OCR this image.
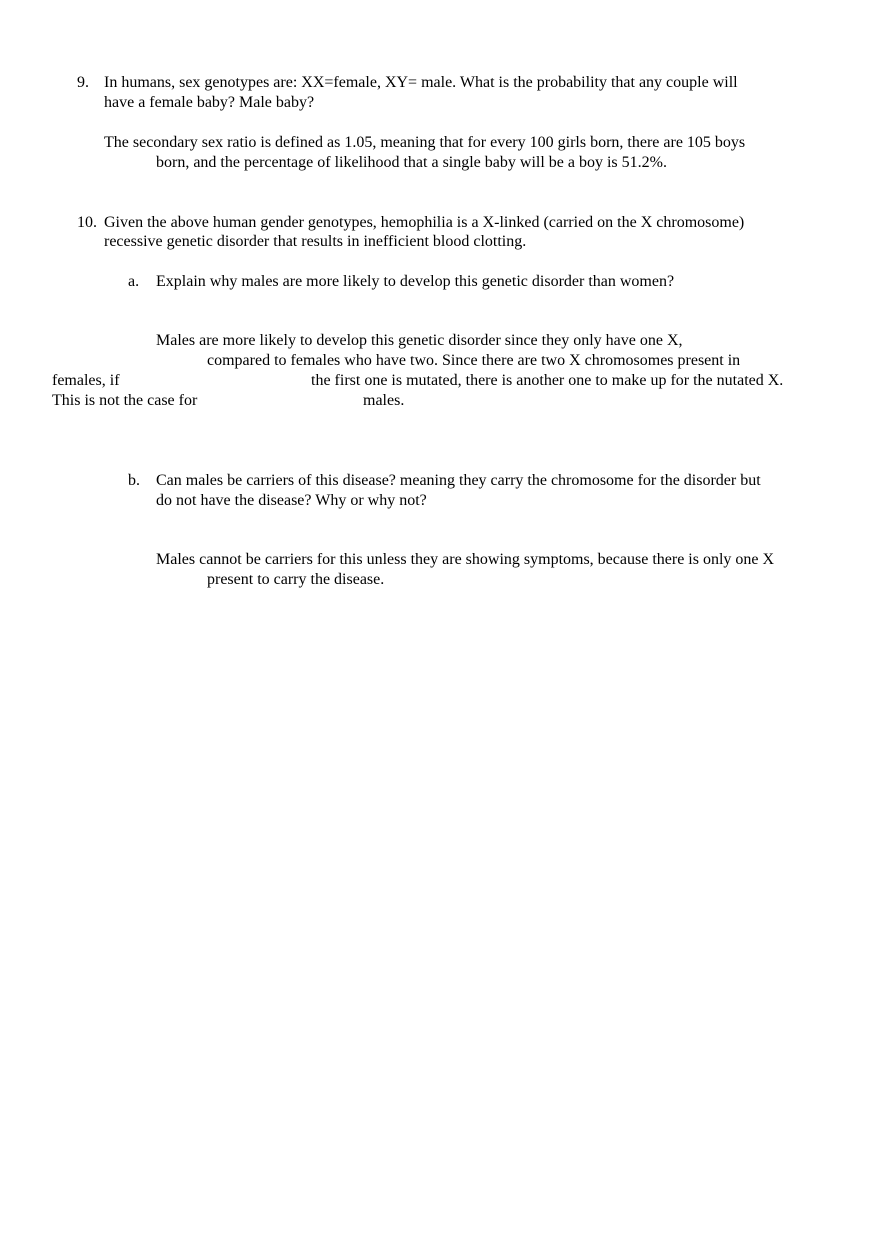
9. In humans, sex genotypes are: XX=female, XY= male. What is the probability that any couple will
have a female baby? Male baby?
The secondary sex ratio is defined as 1.05, meaning that for every 100 girls born, there are 105 boys
born, and the percentage of likelihood that a single baby will be a boy is 51.2%.
10. Given the above human gender genotypes, hemophilia is a X-linked (carried on the X chromosome)
recessive genetic disorder that results in inefficient blood clotting.
a. Explain why males are more likely to develop this genetic disorder than women?
Males are more likely to develop this genetic disorder since they only have one X,
compared to females who have two. Since there are two X chromosomes present in
females, if	the first one is mutated, there is another one to make up for the nutated X.
This is not the case for	males.
b. Can males be carriers of this disease? meaning they carry the chromosome for the disorder but
do not have the disease? Why or why not?
Males cannot be carriers for this unless they are showing symptoms, because there is only one X
present to carry the disease.
